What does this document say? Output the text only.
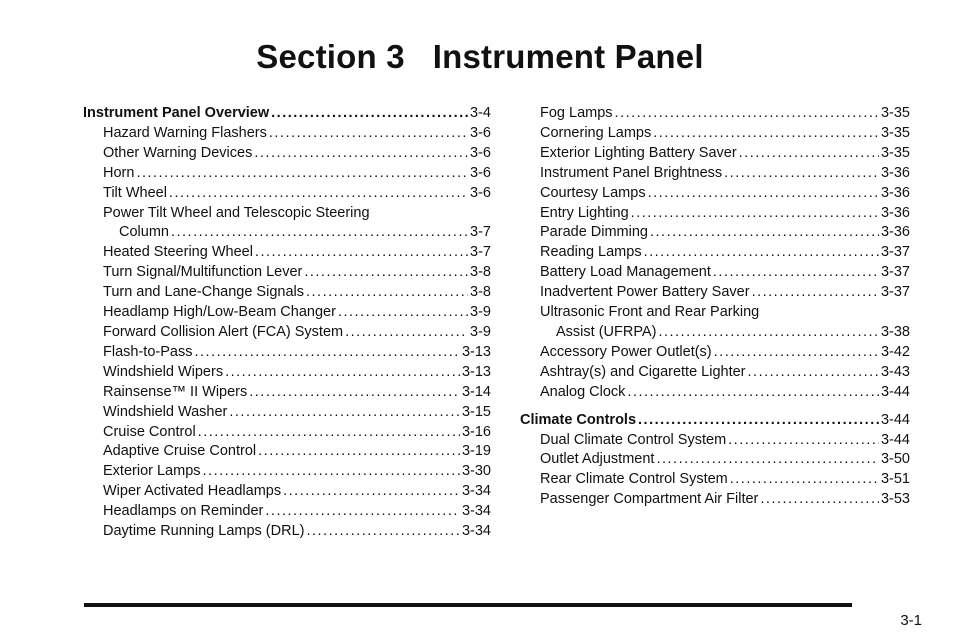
Section 3 Instrument Panel
Instrument Panel Overview .....	3-4
Hazard Warning Flashers .....	3-6
Other Warning Devices .....	3-6
Horn .....	3-6
Tilt Wheel .....	3-6
Power Tilt Wheel and Telescopic Steering
Column .....	3-7
Heated Steering Wheel .....	3-7
Turn Signal/Multifunction Lever .....	3-8
Turn and Lane-Change Signals .....	3-8
Headlamp High/Low-Beam Changer .....	3-9
Forward Collision Alert (FCA) System .....	3-9
Flash-to-Pass .....	3-13
Windshield Wipers .....	3-13
Rainsense™ II Wipers .....	3-14
Windshield Washer .....	3-15
Cruise Control .....	3-16
Adaptive Cruise Control .....	3-19
Exterior Lamps .....	3-30
Wiper Activated Headlamps .....	3-34
Headlamps on Reminder .....	3-34
Daytime Running Lamps (DRL) .....	3-34
Fog Lamps .....	3-35
Cornering Lamps .....	3-35
Exterior Lighting Battery Saver .....	3-35
Instrument Panel Brightness .....	3-36
Courtesy Lamps .....	3-36
Entry Lighting .....	3-36
Parade Dimming .....	3-36
Reading Lamps .....	3-37
Battery Load Management .....	3-37
Inadvertent Power Battery Saver .....	3-37
Ultrasonic Front and Rear Parking
Assist (UFRPA) .....	3-38
Accessory Power Outlet(s) .....	3-42
Ashtray(s) and Cigarette Lighter .....	3-43
Analog Clock .....	3-44
Climate Controls .....	3-44
Dual Climate Control System .....	3-44
Outlet Adjustment .....	3-50
Rear Climate Control System .....	3-51
Passenger Compartment Air Filter .....	3-53
3-1
